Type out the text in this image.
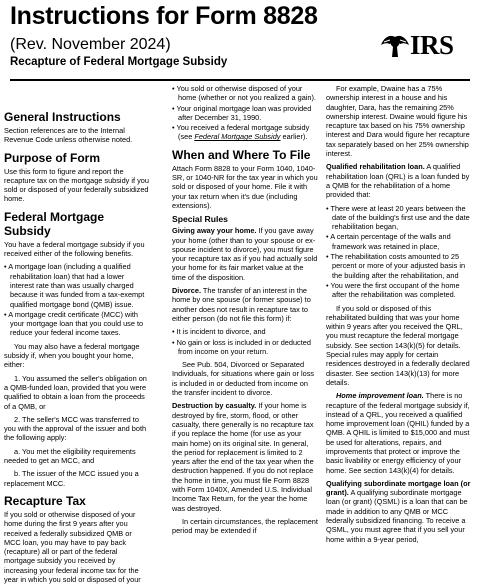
Instructions for Form 8828
(Rev. November 2024)
Recapture of Federal Mortgage Subsidy
IRS
General Instructions

Section references are to the Internal Revenue Code unless otherwise noted.

Purpose of Form

Use this form to figure and report the recapture tax on the mortgage subsidy if you sold or disposed of your federally subsidized home.

Federal Mortgage Subsidy

You have a federal mortgage subsidy if you received either of the following benefits.

• A mortgage loan (including a qualified rehabilitation loan) that had a lower interest rate than was usually charged because it was funded from a tax-exempt qualified mortgage bond (QMB) issue.

• A mortgage credit certificate (MCC) with your mortgage loan that you could use to reduce your federal income taxes.

You may also have a federal mortgage subsidy if, when you bought your home, either:

1. You assumed the seller's obligation on a QMB-funded loan, provided that you were qualified to obtain a loan from the proceeds of a QMB, or

2. The seller's MCC was transferred to you with the approval of the issuer and both the following apply:

a. You met the eligibility requirements needed to get an MCC, and

b. The issuer of the MCC issued you a replacement MCC.

Recapture Tax

If you sold or otherwise disposed of your home during the first 9 years after you received a federally subsidized QMB or MCC loan, you may have to pay back (recapture) all or part of the federal mortgage subsidy you received by increasing your federal income tax for the year in which you sold or disposed of your

• You sold or otherwise disposed of your home (whether or not you realized a gain).

• Your original mortgage loan was provided after December 31, 1990.

• You received a federal mortgage subsidy (see Federal Mortgage Subsidy earlier).

When and Where To File

Attach Form 8828 to your Form 1040, 1040-SR, or 1040-NR for the tax year in which you sold or disposed of your home. File it with your tax return when it's due (including extensions).

Special Rules

Giving away your home. If you gave away your home (other than to your spouse or ex-spouse incident to divorce), you must figure your recapture tax as if you had actually sold your home for its fair market value at the time of the disposition.

Divorce. The transfer of an interest in the home by one spouse (or former spouse) to another does not result in recapture tax to either person (do not file this form) if:

• It is incident to divorce, and

• No gain or loss is included in or deducted from income on your return.

See Pub. 504, Divorced or Separated Individuals, for situations where gain or loss is included in or deducted from income on the transfer incident to divorce.

Destruction by casualty. If your home is destroyed by fire, storm, flood, or other casualty, there generally is no recapture tax if you replace the home (for use as your main home) on its original site. In general, the period for replacement is limited to 2 years after the end of the tax year when the destruction happened. If you do not replace the home in time, you must file Form 8828 with Form 1040X, Amended U.S. Individual Income Tax Return, for the year the home was destroyed.

In certain circumstances, the replacement period may be extended if

For example, Dwaine has a 75% ownership interest in a house and his daughter, Dara, has the remaining 25% ownership interest. Dwaine would figure his recapture tax based on his 75% ownership interest and Dara would figure her recapture tax separately based on her 25% ownership interest.

Qualified rehabilitation loan. A qualified rehabilitation loan (QRL) is a loan funded by a QMB for the rehabilitation of a home provided that:

• There were at least 20 years between the date of the building's first use and the date rehabilitation began,

• A certain percentage of the walls and framework was retained in place,

• The rehabilitation costs amounted to 25 percent or more of your adjusted basis in the building after the rehabilitation, and

• You were the first occupant of the home after the rehabilitation was completed.

If you sold or disposed of this rehabilitated building that was your home within 9 years after you received the QRL, you must recapture the federal mortgage subsidy. See section 143(k)(5) for details. Special rules may apply for certain residences destroyed in a federally declared disaster. See section 143(k)(13) for more details.

Home improvement loan. There is no recapture of the federal mortgage subsidy if, instead of a QRL, you received a qualified home improvement loan (QHIL) funded by a QMB. A QHIL is limited to $15,000 and must be used for alterations, repairs, and improvements that protect or improve the basic livability or energy efficiency of your home. See section 143(k)(4) for details.

Qualifying subordinate mortgage loan (or grant). A qualifying subordinate mortgage loan (or grant) (QSML) is a loan that can be made in addition to any QMB or MCC federally subsidized financing. To receive a QSML, you must agree that if you sell your home within a 9-year period,
